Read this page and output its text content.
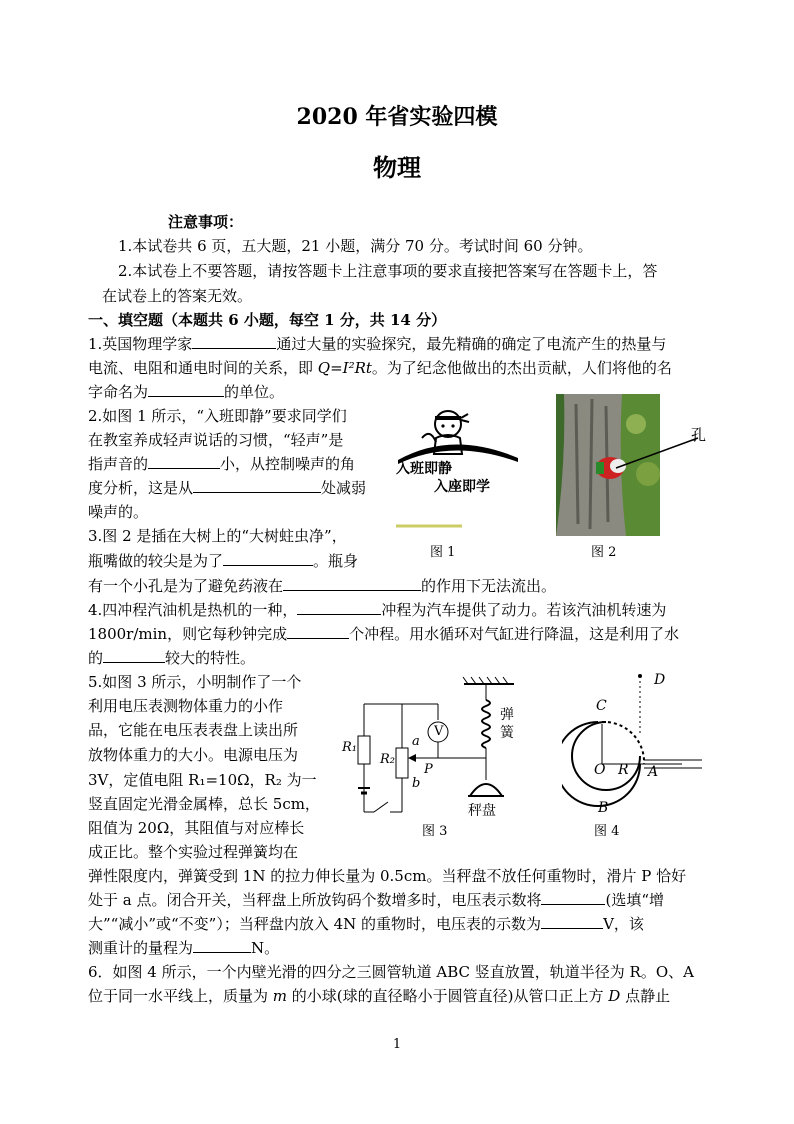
2020 年省实验四模
物理
注意事项：
1.本试卷共 6 页，五大题，21 小题，满分 70 分。考试时间 60 分钟。
2.本试卷上不要答题，请按答题卡上注意事项的要求直接把答案写在答题卡上，答
在试卷上的答案无效。
一、填空题（本题共 6 小题，每空 1 分，共 14 分）
1.英国物理学家	通过大量的实验探究，最先精确的确定了电流产生的热量与
电流、电阻和通电时间的关系，即 Q=I²Rt。为了纪念他做出的杰出贡献，人们将他的名
字命名为	的单位。
2.如图 1 所示，“入班即静”要求同学们
在教室养成轻声说话的习惯，“轻声”是
指声音的	小，从控制噪声的角
度分析，这是从	处减弱
噪声的。
3.图 2 是插在大树上的“大树蛀虫净”，
瓶嘴做的较尖是为了	。瓶身
有一个小孔是为了避免药液在	的作用下无法流出。
4.四冲程汽油机是热机的一种，	冲程为汽车提供了动力。若该汽油机转速为
1800r/min，则它每秒钟完成	个冲程。用水循环对气缸进行降温，这是利用了水
的	较大的特性。
5.如图 3 所示，小明制作了一个
利用电压表测物体重力的小作
品，它能在电压表表盘上读出所
放物体重力的大小。电源电压为
3V，定值电阻 R₁=10Ω，R₂ 为一
竖直固定光滑金属棒，总长 5cm，
阻值为 20Ω，其阻值与对应棒长
成正比。整个实验过程弹簧均在
弹性限度内，弹簧受到 1N 的拉力伸长量为 0.5cm。当秤盘不放任何重物时，滑片 P 恰好
处于 a 点。闭合开关，当秤盘上所放钩码个数增多时，电压表示数将	(选填“增
大”“减小”或“不变”）；当秤盘内放入 4N 的重物时，电压表的示数为	V，该
测重计的量程为	N。
6．如图 4 所示，一个内壁光滑的四分之三圆管轨道 ABC 竖直放置，轨道半径为 R。O、A
位于同一水平线上，质量为 m 的小球(球的直径略小于圆管直径)从管口正上方 D 点静止
入班即静
入座即学
图 1
孔
图 2
V
R₁
R₂
a
b
P
弹簧
秤盘
图 3
D
C
O R A
B
图 4
1
